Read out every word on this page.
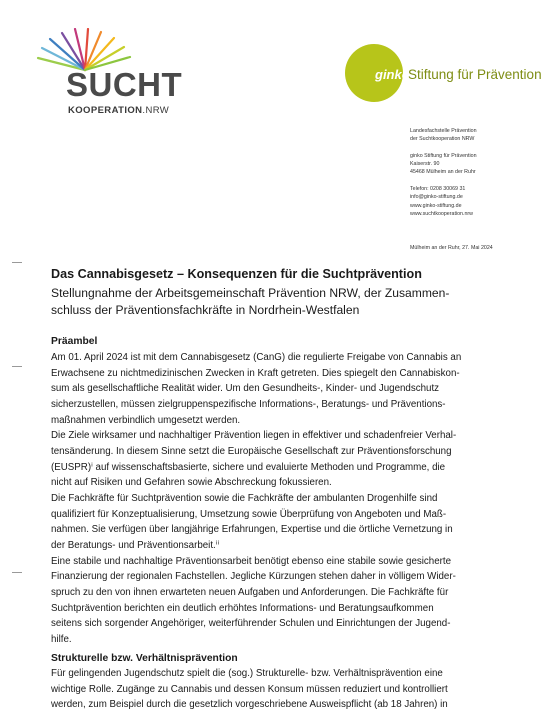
SUCHT
KOOPERATION.NRW
ginko
Stiftung für Prävention
Landesfachstelle Prävention
der Suchtkooperation NRW
ginko Stiftung für Prävention
Kaiserstr. 90
45468 Mülheim an der Ruhr
Telefon: 0208 30069 31
info@ginko-stiftung.de
www.ginko-stiftung.de
www.suchtkooperation.nrw
Mülheim an der Ruhr, 27. Mai 2024
Das Cannabisgesetz – Konsequenzen für die Suchtprävention
Stellungnahme der Arbeitsgemeinschaft Prävention NRW, der Zusammen-
schluss der Präventionsfachkräfte in Nordrhein-Westfalen
Präambel
Am 01. April 2024 ist mit dem Cannabisgesetz (CanG) die regulierte Freigabe von Cannabis an
Erwachsene zu nichtmedizinischen Zwecken in Kraft getreten. Dies spiegelt den Cannabiskon-
sum als gesellschaftliche Realität wider. Um den Gesundheits-, Kinder- und Jugendschutz
sicherzustellen, müssen zielgruppenspezifische Informations-, Beratungs- und Präventions-
maßnahmen verbindlich umgesetzt werden.
Die Ziele wirksamer und nachhaltiger Prävention liegen in effektiver und schadenfreier Verhal-
tensänderung. In diesem Sinne setzt die Europäische Gesellschaft zur Präventionsforschung
(EUSPR)ⁱ auf wissenschaftsbasierte, sichere und evaluierte Methoden und Programme, die
nicht auf Risiken und Gefahren sowie Abschreckung fokussieren.
Die Fachkräfte für Suchtprävention sowie die Fachkräfte der ambulanten Drogenhilfe sind
qualifiziert für Konzeptualisierung, Umsetzung sowie Überprüfung von Angeboten und Maß-
nahmen. Sie verfügen über langjährige Erfahrungen, Expertise und die örtliche Vernetzung in
der Beratungs- und Präventionsarbeit.ⁱⁱ
Eine stabile und nachhaltige Präventionsarbeit benötigt ebenso eine stabile sowie gesicherte
Finanzierung der regionalen Fachstellen. Jegliche Kürzungen stehen daher in völligem Wider-
spruch zu den von ihnen erwarteten neuen Aufgaben und Anforderungen. Die Fachkräfte für
Suchtprävention berichten ein deutlich erhöhtes Informations- und Beratungsaufkommen
seitens sich sorgender Angehöriger, weiterführender Schulen und Einrichtungen der Jugend-
hilfe.
Strukturelle bzw. Verhältnisprävention
Für gelingenden Jugendschutz spielt die (sog.) Strukturelle- bzw. Verhältnisprävention eine
wichtige Rolle. Zugänge zu Cannabis und dessen Konsum müssen reduziert und kontrolliert
werden, zum Beispiel durch die gesetzlich vorgeschriebene Ausweispflicht (ab 18 Jahren) in
